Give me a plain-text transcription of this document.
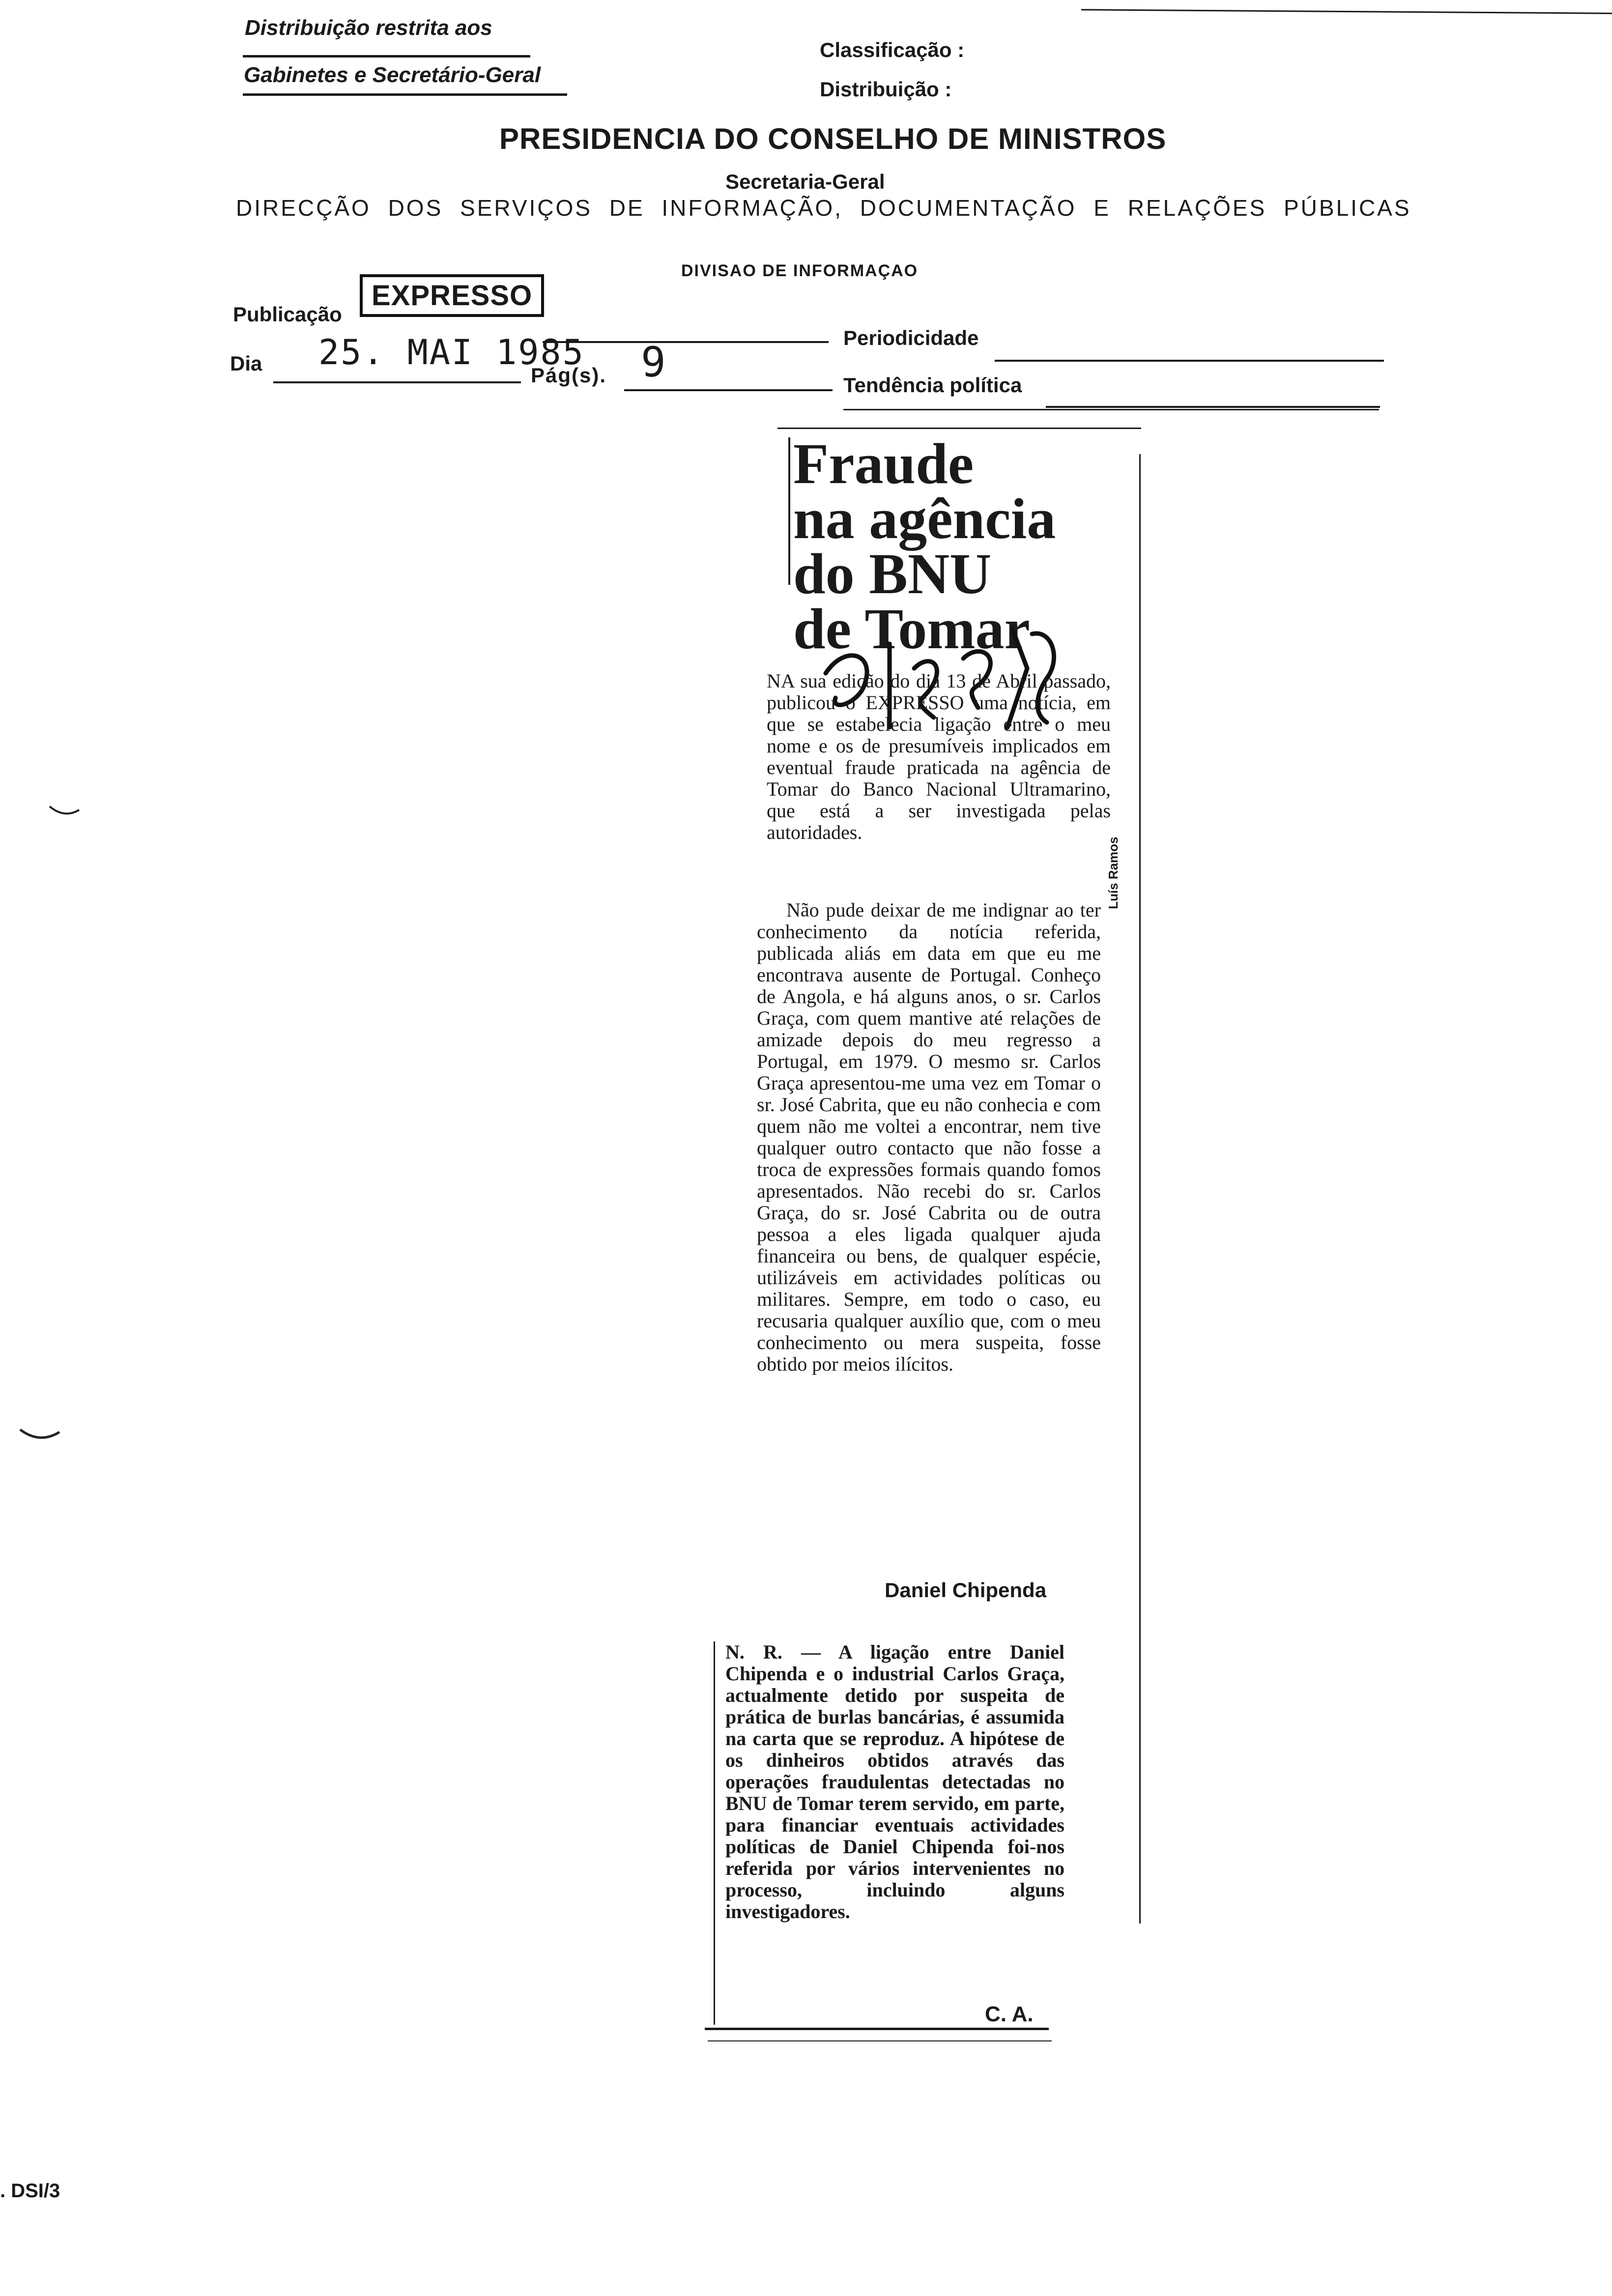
Distribuição restrita aos
Gabinetes e Secretário-Geral
Classificação :
Distribuição :
PRESIDENCIA DO CONSELHO DE MINISTROS
Secretaria-Geral
DIRECÇÃO DOS SERVIÇOS DE INFORMAÇÃO, DOCUMENTAÇÃO E RELAÇÕES PÚBLICAS
DIVISAO DE INFORMAÇAO
Publicação
EXPRESSO
Periodicidade
Dia 25. MAI 1985
Pág(s). 9	Tendência política
Fraude
na agência
do BNU
de Tomar
NA sua edição do dia 13 de Abril passado, publicou o EXPRESSO uma notícia, em que se estabelecia ligação entre o meu nome e os de presumíveis implicados em eventual fraude praticada na agência de Tomar do Banco Nacional Ultramarino, que está a ser investigada pelas autoridades.
Não pude deixar de me indignar ao ter conhecimento da notícia referida, publicada aliás em data em que eu me encontrava ausente de Portugal. Conheço de Angola, e há alguns anos, o sr. Carlos Graça, com quem mantive até relações de amizade depois do meu regresso a Portugal, em 1979. O mesmo sr. Carlos Graça apresentou-me uma vez em Tomar o sr. José Cabrita, que eu não conhecia e com quem não me voltei a encontrar, nem tive qualquer outro contacto que não fosse a troca de expressões formais quando fomos apresentados. Não recebi do sr. Carlos Graça, do sr. José Cabrita ou de outra pessoa a eles ligada qualquer ajuda financeira ou bens, de qualquer espécie, utilizáveis em actividades políticas ou militares. Sempre, em todo o caso, eu recusaria qualquer auxílio que, com o meu conhecimento ou mera suspeita, fosse obtido por meios ilícitos.
Luís Ramos
Daniel Chipenda
N. R. — A ligação entre Daniel Chipenda e o industrial Carlos Graça, actualmente detido por suspeita de prática de burlas bancárias, é assumida na carta que se reproduz. A hipótese de os dinheiros obtidos através das operações fraudulentas detectadas no BNU de Tomar terem servido, em parte, para financiar eventuais actividades políticas de Daniel Chipenda foi-nos referida por vários intervenientes no processo, incluindo alguns investigadores.
C. A.
. DSI/3
